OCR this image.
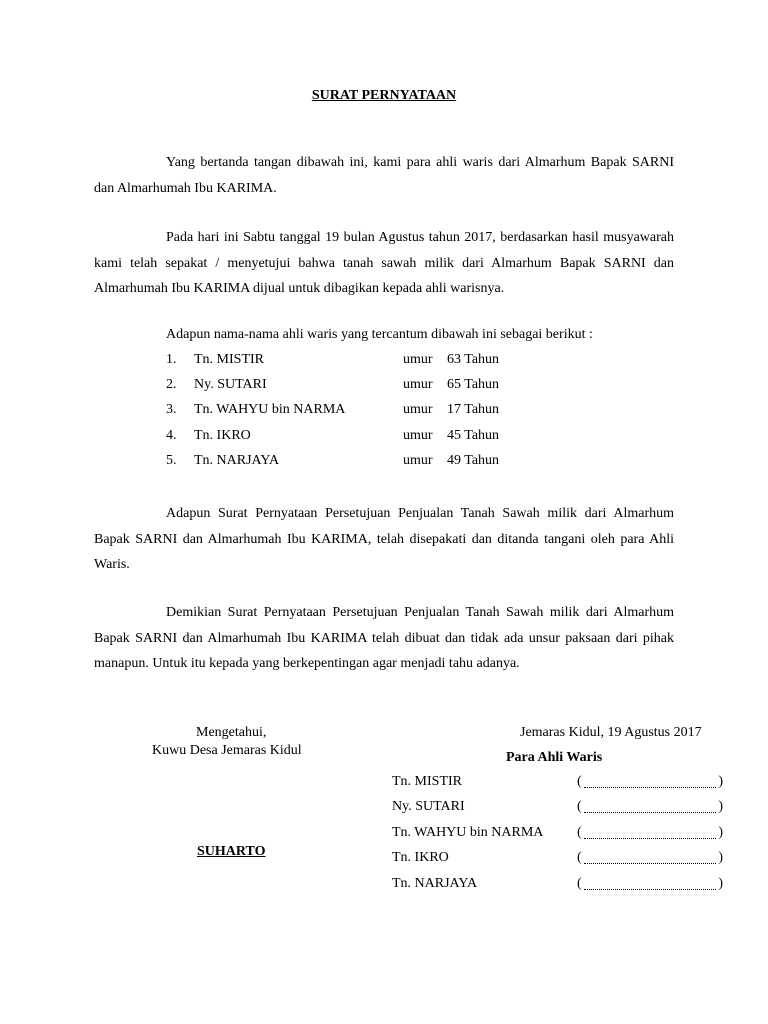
SURAT PERNYATAAN
Yang bertanda tangan dibawah ini, kami para ahli waris dari Almarhum Bapak SARNI dan Almarhumah Ibu KARIMA.
Pada hari ini Sabtu tanggal 19 bulan Agustus tahun 2017, berdasarkan hasil musyawarah kami telah sepakat / menyetujui bahwa tanah sawah milik dari Almarhum Bapak SARNI dan Almarhumah Ibu KARIMA dijual untuk dibagikan kepada ahli warisnya.
Adapun nama-nama ahli waris yang tercantum dibawah ini sebagai berikut :
1. Tn. MISTIR	umur 63 Tahun
2. Ny. SUTARI	umur 65 Tahun
3. Tn. WAHYU bin NARMA	umur 17 Tahun
4. Tn. IKRO	umur 45 Tahun
5. Tn. NARJAYA	umur 49 Tahun
Adapun Surat Pernyataan Persetujuan Penjualan Tanah Sawah milik dari Almarhum Bapak SARNI dan Almarhumah Ibu KARIMA, telah disepakati dan ditanda tangani oleh para Ahli Waris.
Demikian Surat Pernyataan Persetujuan Penjualan Tanah Sawah milik dari Almarhum Bapak SARNI dan Almarhumah Ibu KARIMA telah dibuat dan tidak ada unsur paksaan dari pihak manapun. Untuk itu kepada yang berkepentingan agar menjadi tahu adanya.
Mengetahui,
Kuwu Desa Jemaras Kidul
SUHARTO
Jemaras Kidul, 19 Agustus 2017
Para Ahli Waris
Tn. MISTIR	(	)
Ny. SUTARI	(	)
Tn. WAHYU bin NARMA (	)
Tn. IKRO	(	)
Tn. NARJAYA	(	)
